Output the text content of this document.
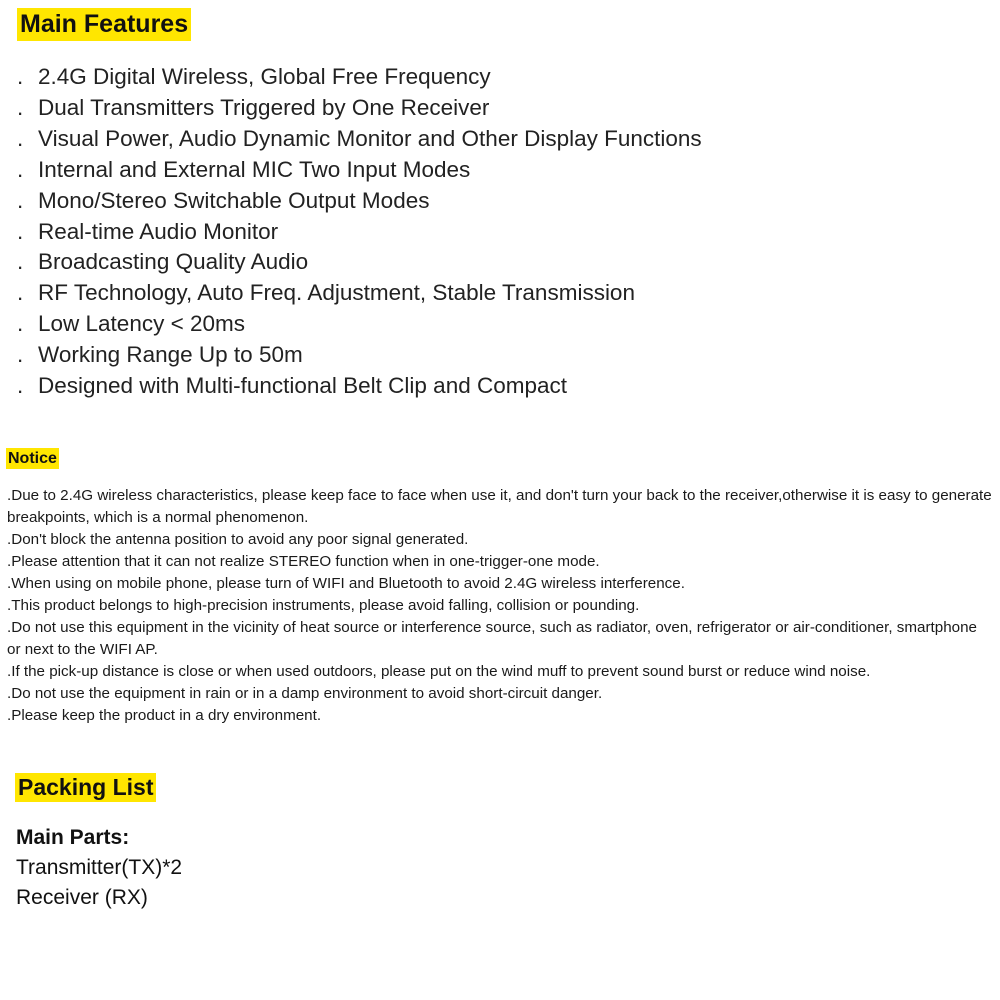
Main Features
. 2.4G Digital Wireless, Global Free Frequency
. Dual Transmitters Triggered by One Receiver
. Visual Power, Audio Dynamic Monitor and Other Display Functions
. Internal and External MIC Two Input Modes
. Mono/Stereo Switchable Output Modes
. Real-time Audio Monitor
. Broadcasting Quality Audio
. RF Technology, Auto Freq. Adjustment, Stable Transmission
. Low Latency < 20ms
. Working Range Up to 50m
. Designed with Multi-functional Belt Clip and Compact
Notice

.Due to 2.4G wireless characteristics, please keep face to face when use it, and don't turn your back to the receiver,otherwise it is easy to generate breakpoints, which is a normal phenomenon.

.Don't block the antenna position to avoid any poor signal generated.

.Please attention that it can not realize STEREO function when in one-trigger-one mode.

.When using on mobile phone, please turn of WIFI and Bluetooth to avoid 2.4G wireless interference.

.This product belongs to high-precision instruments, please avoid falling, collision or pounding.

.Do not use this equipment in the vicinity of heat source or interference source, such as radiator, oven, refrigerator or air-conditioner, smartphone or next to the WIFI AP.

.If the pick-up distance is close or when used outdoors, please put on the wind muff to prevent sound burst or reduce wind noise.

.Do not use the equipment in rain or in a damp environment to avoid short-circuit danger.

.Please keep the product in a dry environment.

Packing List
Main Parts:
Transmitter(TX)*2
Receiver (RX)
